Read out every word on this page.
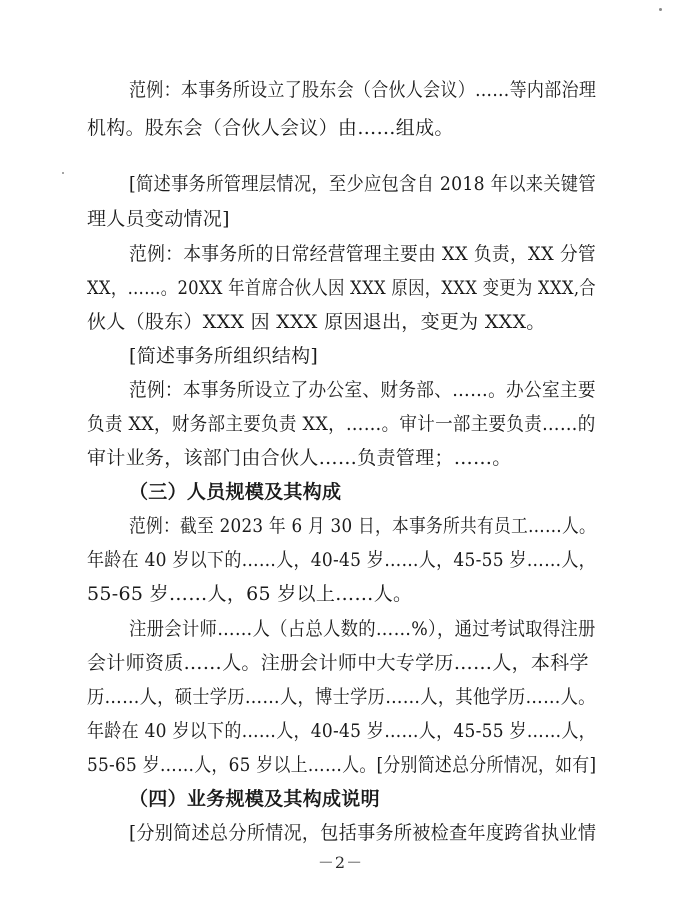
范例：本事务所设立了股东会（合伙人会议）……等内部治理
机构。股东会（合伙人会议）由……组成。
[简述事务所管理层情况，至少应包含自 2018 年以来关键管
理人员变动情况]
范例：本事务所的日常经营管理主要由 XX 负责，XX 分管
XX，……。20XX 年首席合伙人因 XXX 原因，XXX 变更为 XXX,合
伙人（股东）XXX 因 XXX 原因退出，变更为 XXX。
[简述事务所组织结构]
范例：本事务所设立了办公室、财务部、……。办公室主要
负责 XX，财务部主要负责 XX，……。审计一部主要负责……的
审计业务，该部门由合伙人……负责管理；……。
（三）人员规模及其构成
范例：截至 2023 年 6 月 30 日，本事务所共有员工……人。
年龄在 40 岁以下的……人，40-45 岁……人，45-55 岁……人，
55-65 岁……人，65 岁以上……人。
注册会计师……人（占总人数的……%），通过考试取得注册
会计师资质……人。注册会计师中大专学历……人，本科学
历……人，硕士学历……人，博士学历……人，其他学历……人。
年龄在 40 岁以下的……人，40-45 岁……人，45-55 岁……人，
55-65 岁……人，65 岁以上……人。[分别简述总分所情况，如有]
（四）业务规模及其构成说明
[分别简述总分所情况，包括事务所被检查年度跨省执业情
－2－
